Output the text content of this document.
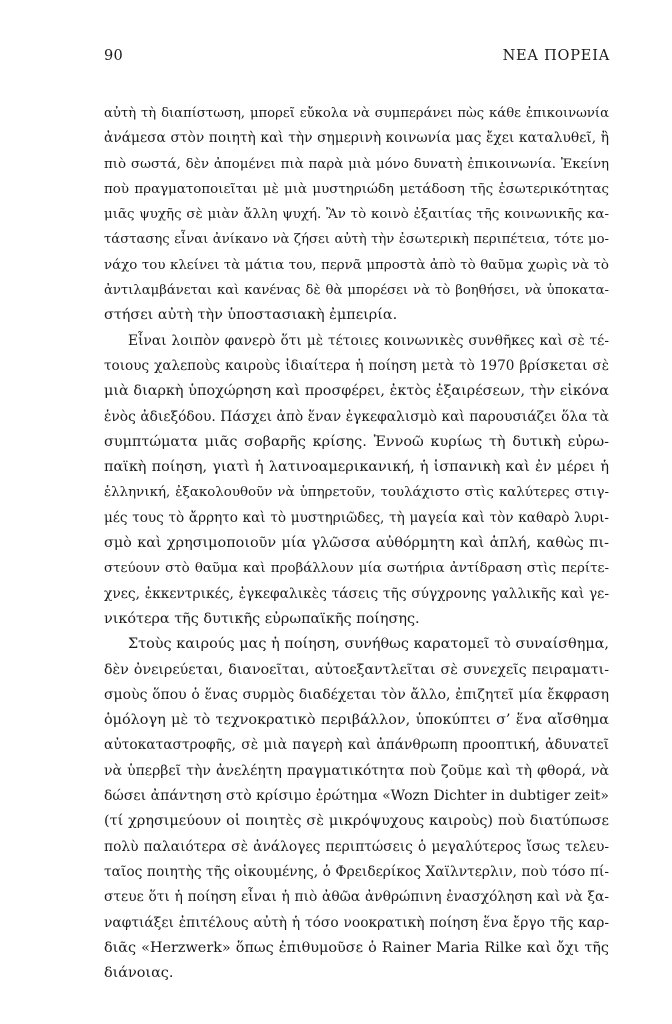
90	ΝΕΑ ΠΟΡΕΙΑ
αὐτὴ τὴ διαπίστωση, μπορεῖ εὔκολα νὰ συμπεράνει πὼς κάθε ἐπικοινωνία
ἀνάμεσα στὸν ποιητὴ καὶ τὴν σημερινὴ κοινωνία μας ἔχει καταλυθεῖ, ἢ
πιὸ σωστά, δὲν ἀπομένει πιὰ παρὰ μιὰ μόνο δυνατὴ ἐπικοινωνία. Ἐκείνη
ποὺ πραγματοποιεῖται μὲ μιὰ μυστηριώδη μετάδοση τῆς ἐσωτερικότητας
μιᾶς ψυχῆς σὲ μιὰν ἄλλη ψυχή. Ἂν τὸ κοινὸ ἐξαιτίας τῆς κοινωνικῆς κα-
τάστασης εἶναι ἀνίκανο νὰ ζήσει αὐτὴ τὴν ἐσωτερικὴ περιπέτεια, τότε μο-
νάχο του κλείνει τὰ μάτια του, περνᾶ μπροστὰ ἀπὸ τὸ θαῦμα χωρὶς νὰ τὸ
ἀντιλαμβάνεται καὶ κανένας δὲ θὰ μπορέσει νὰ τὸ βοηθήσει, νὰ ὑποκατα-
στήσει αὐτὴ τὴν ὑποστασιακὴ ἐμπειρία.
Εἶναι λοιπὸν φανερὸ ὅτι μὲ τέτοιες κοινωνικὲς συνθῆκες καὶ σὲ τέ-
τοιους χαλεποὺς καιροὺς ἰδιαίτερα ἡ ποίηση μετὰ τὸ 1970 βρίσκεται σὲ
μιὰ διαρκὴ ὑποχώρηση καὶ προσφέρει, ἐκτὸς ἐξαιρέσεων, τὴν εἰκόνα
ἑνὸς ἀδιεξόδου. Πάσχει ἀπὸ ἕναν ἐγκεφαλισμὸ καὶ παρουσιάζει ὅλα τὰ
συμπτώματα μιᾶς σοβαρῆς κρίσης. Ἐννοῶ κυρίως τὴ δυτικὴ εὐρω-
παϊκὴ ποίηση, γιατὶ ἡ λατινοαμερικανική, ἡ ἱσπανικὴ καὶ ἐν μέρει ἡ
ἑλληνική, ἐξακολουθοῦν νὰ ὑπηρετοῦν, τουλάχιστο στὶς καλύτερες στιγ-
μές τους τὸ ἄρρητο καὶ τὸ μυστηριῶδες, τὴ μαγεία καὶ τὸν καθαρὸ λυρι-
σμὸ καὶ χρησιμοποιοῦν μία γλῶσσα αὐθόρμητη καὶ ἁπλή, καθὼς πι-
στεύουν στὸ θαῦμα καὶ προβάλλουν μία σωτήρια ἀντίδραση στὶς περίτε-
χνες, ἐκκεντρικές, ἐγκεφαλικὲς τάσεις τῆς σύγχρονης γαλλικῆς καὶ γε-
νικότερα τῆς δυτικῆς εὐρωπαϊκῆς ποίησης.
Στοὺς καιρούς μας ἡ ποίηση, συνήθως καρατομεῖ τὸ συναίσθημα,
δὲν ὀνειρεύεται, διανοεῖται, αὐτοεξαντλεῖται σὲ συνεχεῖς πειραματι-
σμοὺς ὅπου ὁ ἕνας συρμὸς διαδέχεται τὸν ἄλλο, ἐπιζητεῖ μία ἔκφραση
ὁμόλογη μὲ τὸ τεχνοκρατικὸ περιβάλλον, ὑποκύπτει σ’ ἕνα αἴσθημα
αὐτοκαταστροφῆς, σὲ μιὰ παγερὴ καὶ ἀπάνθρωπη προοπτική, ἀδυνατεῖ
νὰ ὑπερβεῖ τὴν ἀνελέητη πραγματικότητα ποὺ ζοῦμε καὶ τὴ φθορά, νὰ
δώσει ἀπάντηση στὸ κρίσιμο ἐρώτημα «Wozn Dichter in dubtiger zeit»
(τί χρησιμεύουν οἱ ποιητὲς σὲ μικρόψυχους καιροὺς) ποὺ διατύπωσε
πολὺ παλαιότερα σὲ ἀνάλογες περιπτώσεις ὁ μεγαλύτερος ἴσως τελευ-
ταῖος ποιητὴς τῆς οἰκουμένης, ὁ Φρειδερίκος Χαϊλντερλιν, ποὺ τόσο πί-
στευε ὅτι ἡ ποίηση εἶναι ἡ πιὸ ἀθῶα ἀνθρώπινη ἐνασχόληση καὶ νὰ ξα-
ναφτιάξει ἐπιτέλους αὐτὴ ἡ τόσο νοοκρατικὴ ποίηση ἕνα ἔργο τῆς καρ-
διᾶς «Herzwerk» ὅπως ἐπιθυμοῦσε ὁ Rainer Maria Rilke καὶ ὄχι τῆς
διάνοιας.
